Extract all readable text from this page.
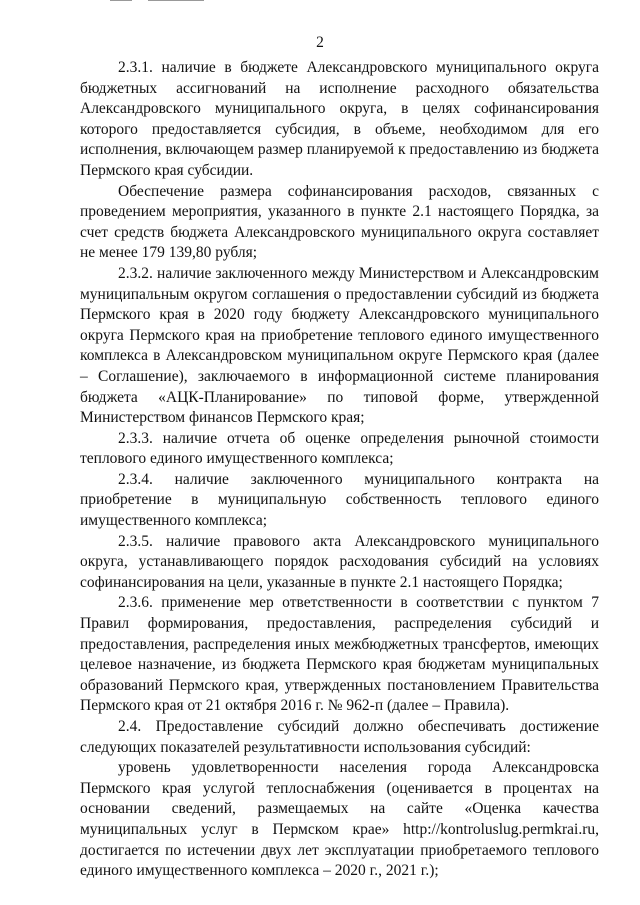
2

2.3.1. наличие в бюджете Александровского муниципального округа бюджетных ассигнований на исполнение расходного обязательства Александровского муниципального округа, в целях софинансирования которого предоставляется субсидия, в объеме, необходимом для его исполнения, включающем размер планируемой к предоставлению из бюджета Пермского края субсидии.

Обеспечение размера софинансирования расходов, связанных с проведением мероприятия, указанного в пункте 2.1 настоящего Порядка, за счет средств бюджета Александровского муниципального округа составляет не менее 179 139,80 рубля;

2.3.2. наличие заключенного между Министерством и Александровским муниципальным округом соглашения о предоставлении субсидий из бюджета Пермского края в 2020 году бюджету Александровского муниципального округа Пермского края на приобретение теплового единого имущественного комплекса в Александровском муниципальном округе Пермского края (далее – Соглашение), заключаемого в информационной системе планирования бюджета «АЦК-Планирование» по типовой форме, утвержденной Министерством финансов Пермского края;

2.3.3. наличие отчета об оценке определения рыночной стоимости теплового единого имущественного комплекса;

2.3.4. наличие заключенного муниципального контракта на приобретение в муниципальную собственность теплового единого имущественного комплекса;

2.3.5. наличие правового акта Александровского муниципального округа, устанавливающего порядок расходования субсидий на условиях софинансирования на цели, указанные в пункте 2.1 настоящего Порядка;

2.3.6. применение мер ответственности в соответствии с пунктом 7 Правил формирования, предоставления, распределения субсидий и предоставления, распределения иных межбюджетных трансфертов, имеющих целевое назначение, из бюджета Пермского края бюджетам муниципальных образований Пермского края, утвержденных постановлением Правительства Пермского края от 21 октября 2016 г. № 962-п (далее – Правила).

2.4. Предоставление субсидий должно обеспечивать достижение следующих показателей результативности использования субсидий:

уровень удовлетворенности населения города Александровска Пермского края услугой теплоснабжения (оценивается в процентах на основании сведений, размещаемых на сайте «Оценка качества муниципальных услуг в Пермском крае» http://kontroluslug.permkrai.ru, достигается по истечении двух лет эксплуатации приобретаемого теплового единого имущественного комплекса – 2020 г., 2021 г.);
